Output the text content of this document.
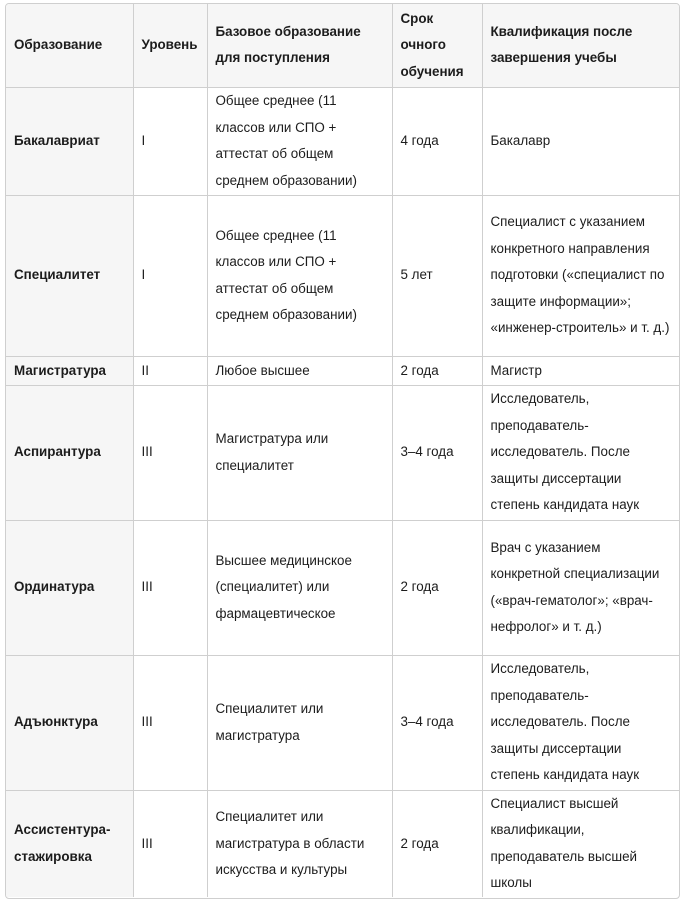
Образование	Уровень	Базовое образование для поступления	Срок очного обучения	Квалификация после завершения учебы
Бакалавриат	I	Общее среднее (11 классов или СПО + аттестат об общем среднем образовании)	4 года	Бакалавр
Специалитет	I	Общее среднее (11 классов или СПО + аттестат об общем среднем образовании)	5 лет	Специалист с указанием конкретного направления подготовки («специалист по защите информации»; «инженер-строитель» и т. д.)
Магистратура	II	Любое высшее	2 года	Магистр
Аспирантура	III	Магистратура или специалитет	3–4 года	Исследователь, преподаватель-исследователь. После защиты диссертации степень кандидата наук
Ординатура	III	Высшее медицинское (специалитет) или фармацевтическое	2 года	Врач с указанием конкретной специализации («врач-гематолог»; «врач-нефролог» и т. д.)
Адъюнктура	III	Специалитет или магистратура	3–4 года	Исследователь, преподаватель-исследователь. После защиты диссертации степень кандидата наук
Ассистентура-стажировка	III	Специалитет или магистратура в области искусства и культуры	2 года	Специалист высшей квалификации, преподаватель высшей школы
